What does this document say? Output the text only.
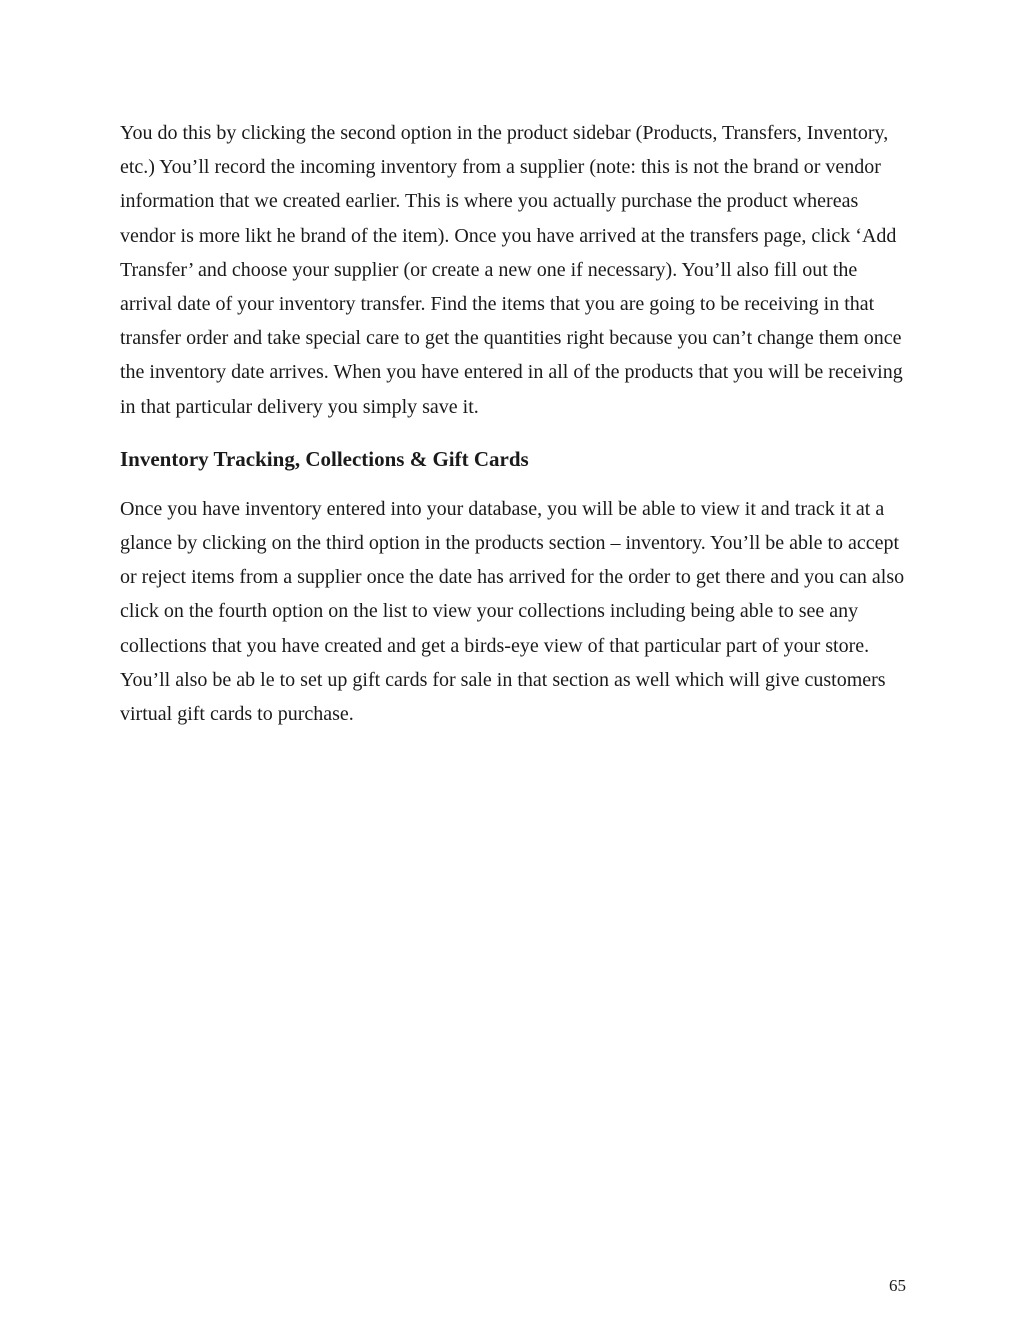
You do this by clicking the second option in the product sidebar (Products, Transfers, Inventory, etc.) You’ll record the incoming inventory from a supplier (note: this is not the brand or vendor information that we created earlier. This is where you actually purchase the product whereas vendor is more likt he brand of the item). Once you have arrived at the transfers page, click ‘Add Transfer’ and choose your supplier (or create a new one if necessary). You’ll also fill out the arrival date of your inventory transfer. Find the items that you are going to be receiving in that transfer order and take special care to get the quantities right because you can’t change them once the inventory date arrives. When you have entered in all of the products that you will be receiving in that particular delivery you simply save it.

Inventory Tracking, Collections & Gift Cards

Once you have inventory entered into your database, you will be able to view it and track it at a glance by clicking on the third option in the products section – inventory. You’ll be able to accept or reject items from a supplier once the date has arrived for the order to get there and you can also click on the fourth option on the list to view your collections including being able to see any collections that you have created and get a birds-eye view of that particular part of your store. You’ll also be ab le to set up gift cards for sale in that section as well which will give customers virtual gift cards to purchase.

65
